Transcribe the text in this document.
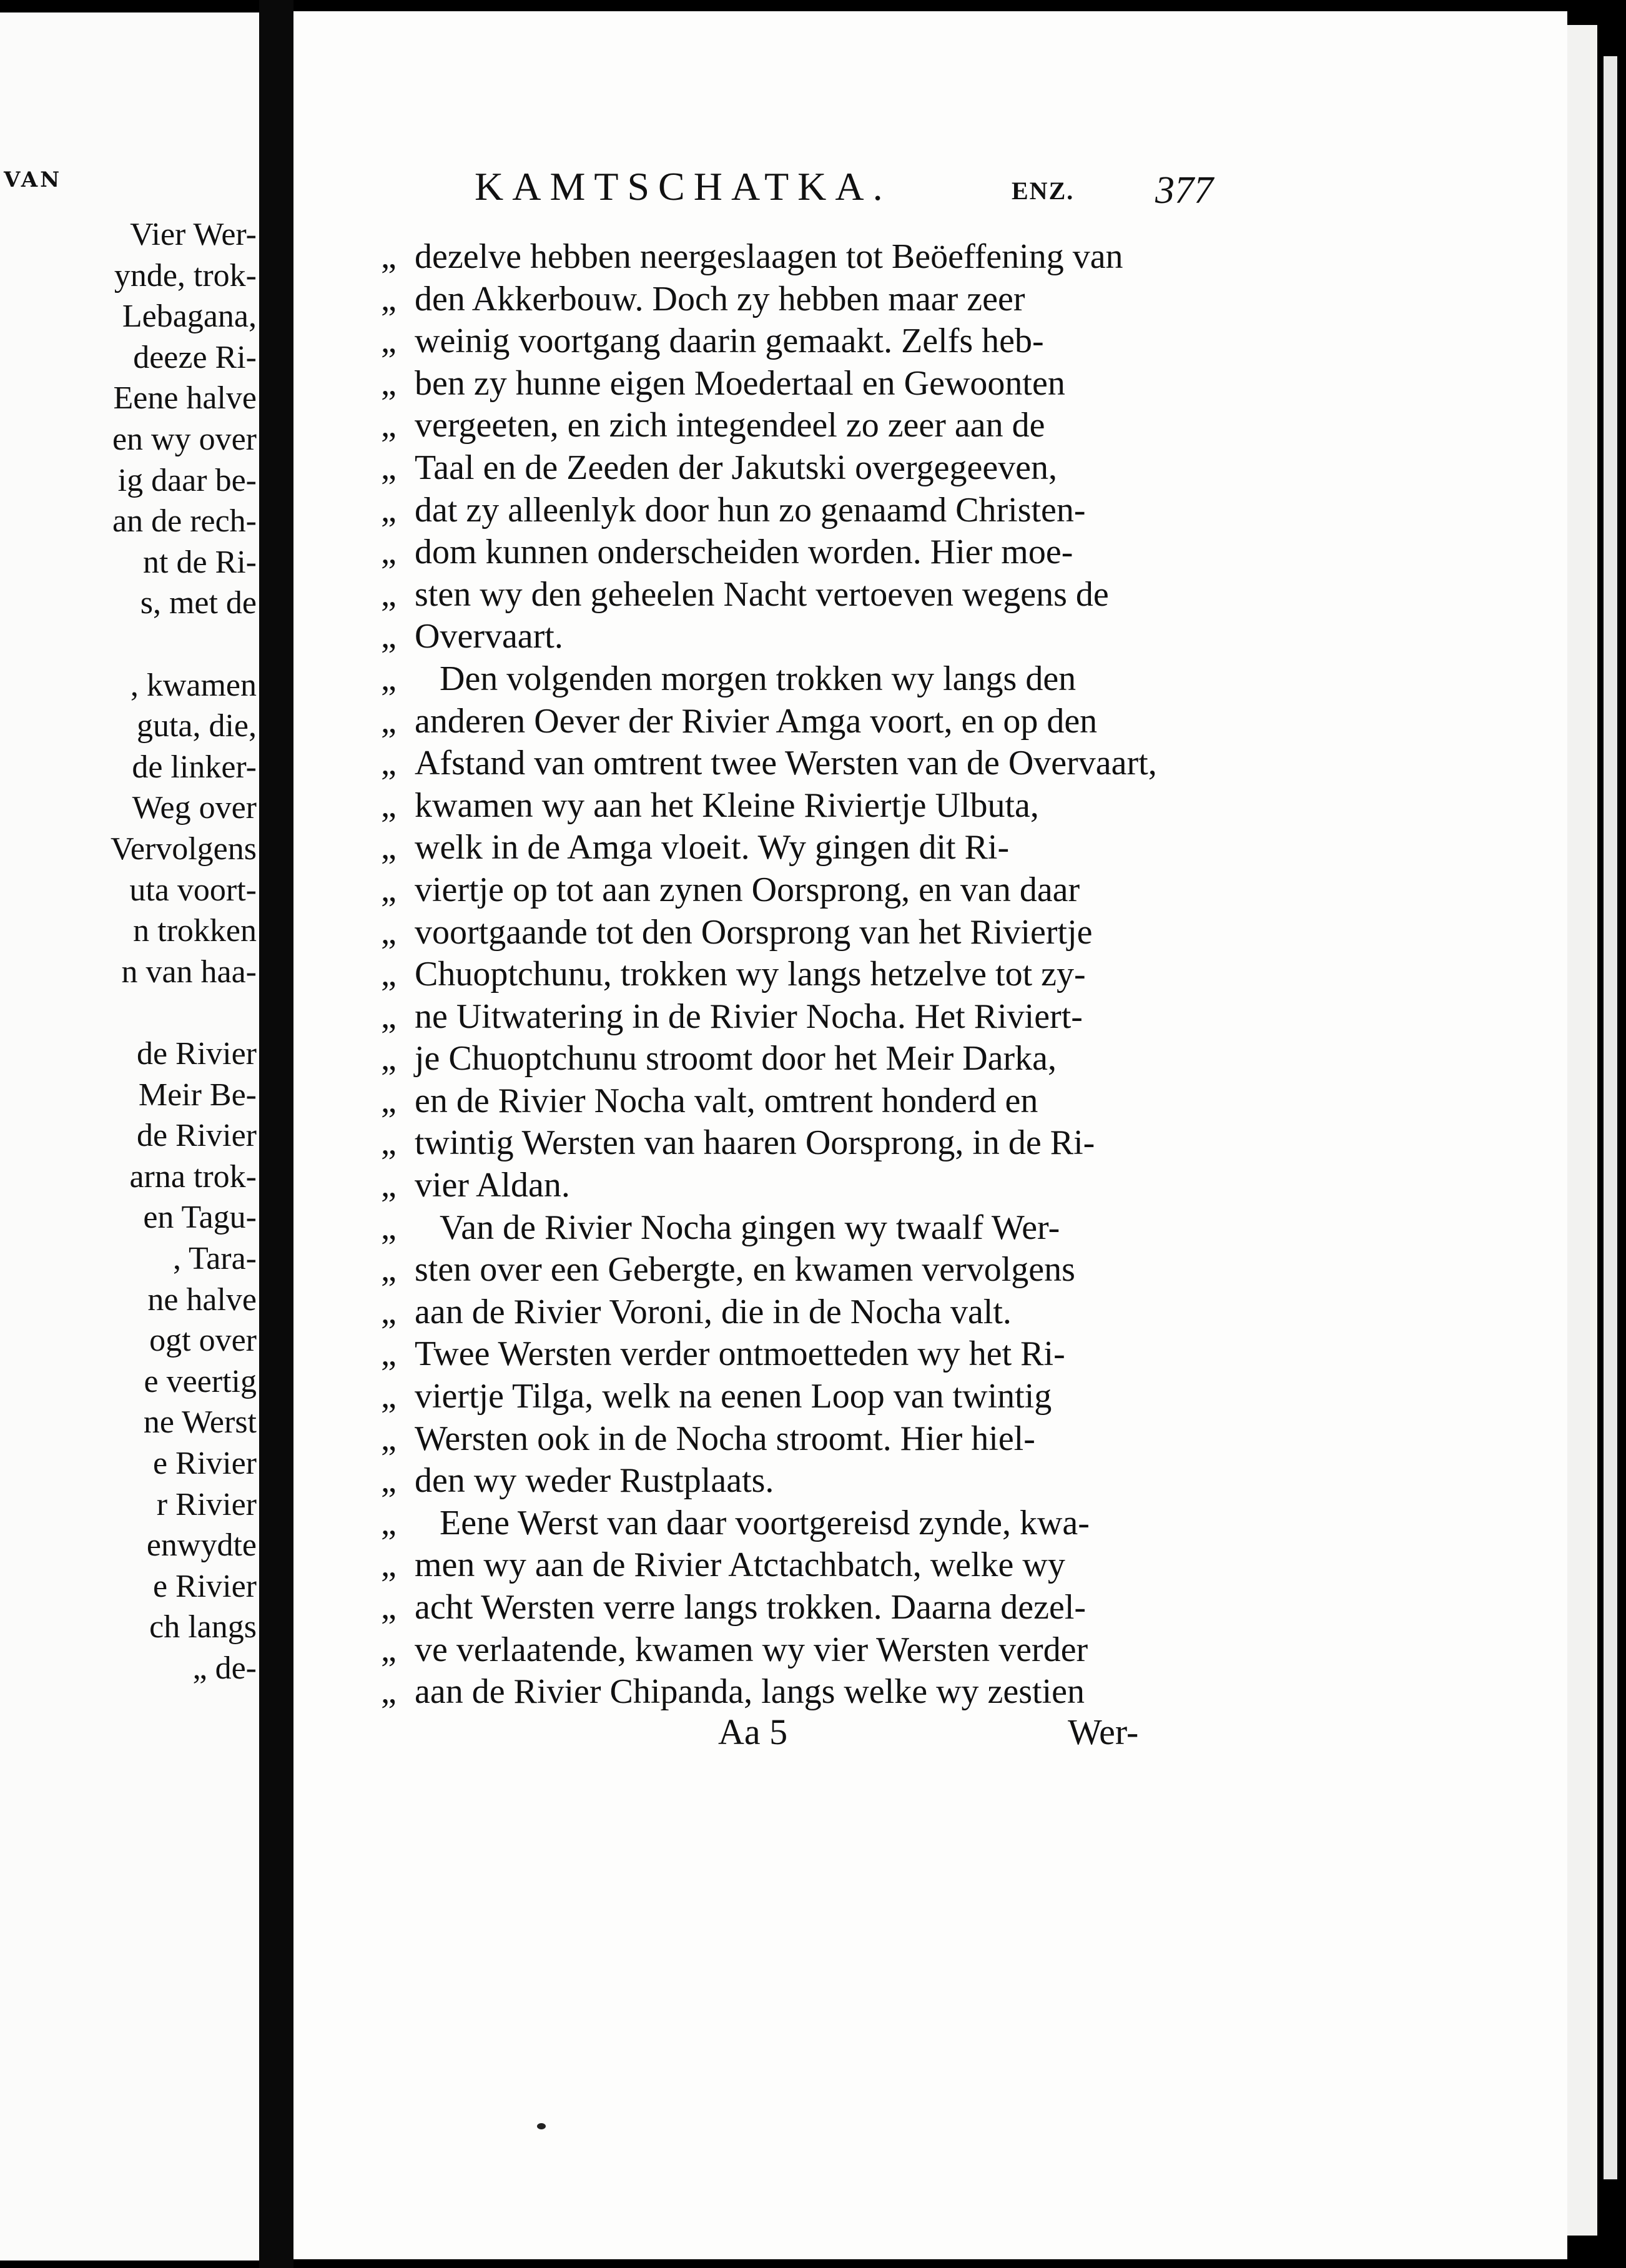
VAN
Vier Wer-
ynde, trok-
Lebagana,
deeze Ri-
Eene halve
en wy over
ig daar be-
an de rech-
nt de Ri-
s, met de
, kwamen
guta, die,
de linker-
Weg over
Vervolgens
uta voort-
n trokken
n van haa-
de Rivier
Meir Be-
de Rivier
arna trok-
en Tagu-
, Tara-
ne halve
ogt over
e veertig
ne Werst
e Rivier
r Rivier
enwydte
e Rivier
ch langs
„ de-
KAMTSCHATKA.	ENZ. 377
„ dezelve hebben neergeslaagen tot Beöeffening van
„ den Akkerbouw. Doch zy hebben maar zeer
„ weinig voortgang daarin gemaakt. Zelfs heb-
„ ben zy hunne eigen Moedertaal en Gewoonten
„ vergeeten, en zich integendeel zo zeer aan de
„ Taal en de Zeeden der Jakutski overgegeeven,
„ dat zy alleenlyk door hun zo genaamd Christen-
„ dom kunnen onderscheiden worden. Hier moe-
„ sten wy den geheelen Nacht vertoeven wegens de
„ Overvaart.
„ Den volgenden morgen trokken wy langs den
„ anderen Oever der Rivier Amga voort, en op den
„ Afstand van omtrent twee Wersten van de Overvaart,
„ kwamen wy aan het Kleine Riviertje Ulbuta,
„ welk in de Amga vloeit. Wy gingen dit Ri-
„ viertje op tot aan zynen Oorsprong, en van daar
„ voortgaande tot den Oorsprong van het Riviertje
„ Chuoptchunu, trokken wy langs hetzelve tot zy-
„ ne Uitwatering in de Rivier Nocha. Het Riviert-
„ je Chuoptchunu stroomt door het Meir Darka,
„ en de Rivier Nocha valt, omtrent honderd en
„ twintig Wersten van haaren Oorsprong, in de Ri-
„ vier Aldan.
„ Van de Rivier Nocha gingen wy twaalf Wer-
„ sten over een Gebergte, en kwamen vervolgens
„ aan de Rivier Voroni, die in de Nocha valt.
„ Twee Wersten verder ontmoetteden wy het Ri-
„ viertje Tilga, welk na eenen Loop van twintig
„ Wersten ook in de Nocha stroomt. Hier hiel-
„ den wy weder Rustplaats.
„ Eene Werst van daar voortgereisd zynde, kwa-
„ men wy aan de Rivier Atctachbatch, welke wy
„ acht Wersten verre langs trokken. Daarna dezel-
„ ve verlaatende, kwamen wy vier Wersten verder
„ aan de Rivier Chipanda, langs welke wy zestien
Aa 5	Wer-
